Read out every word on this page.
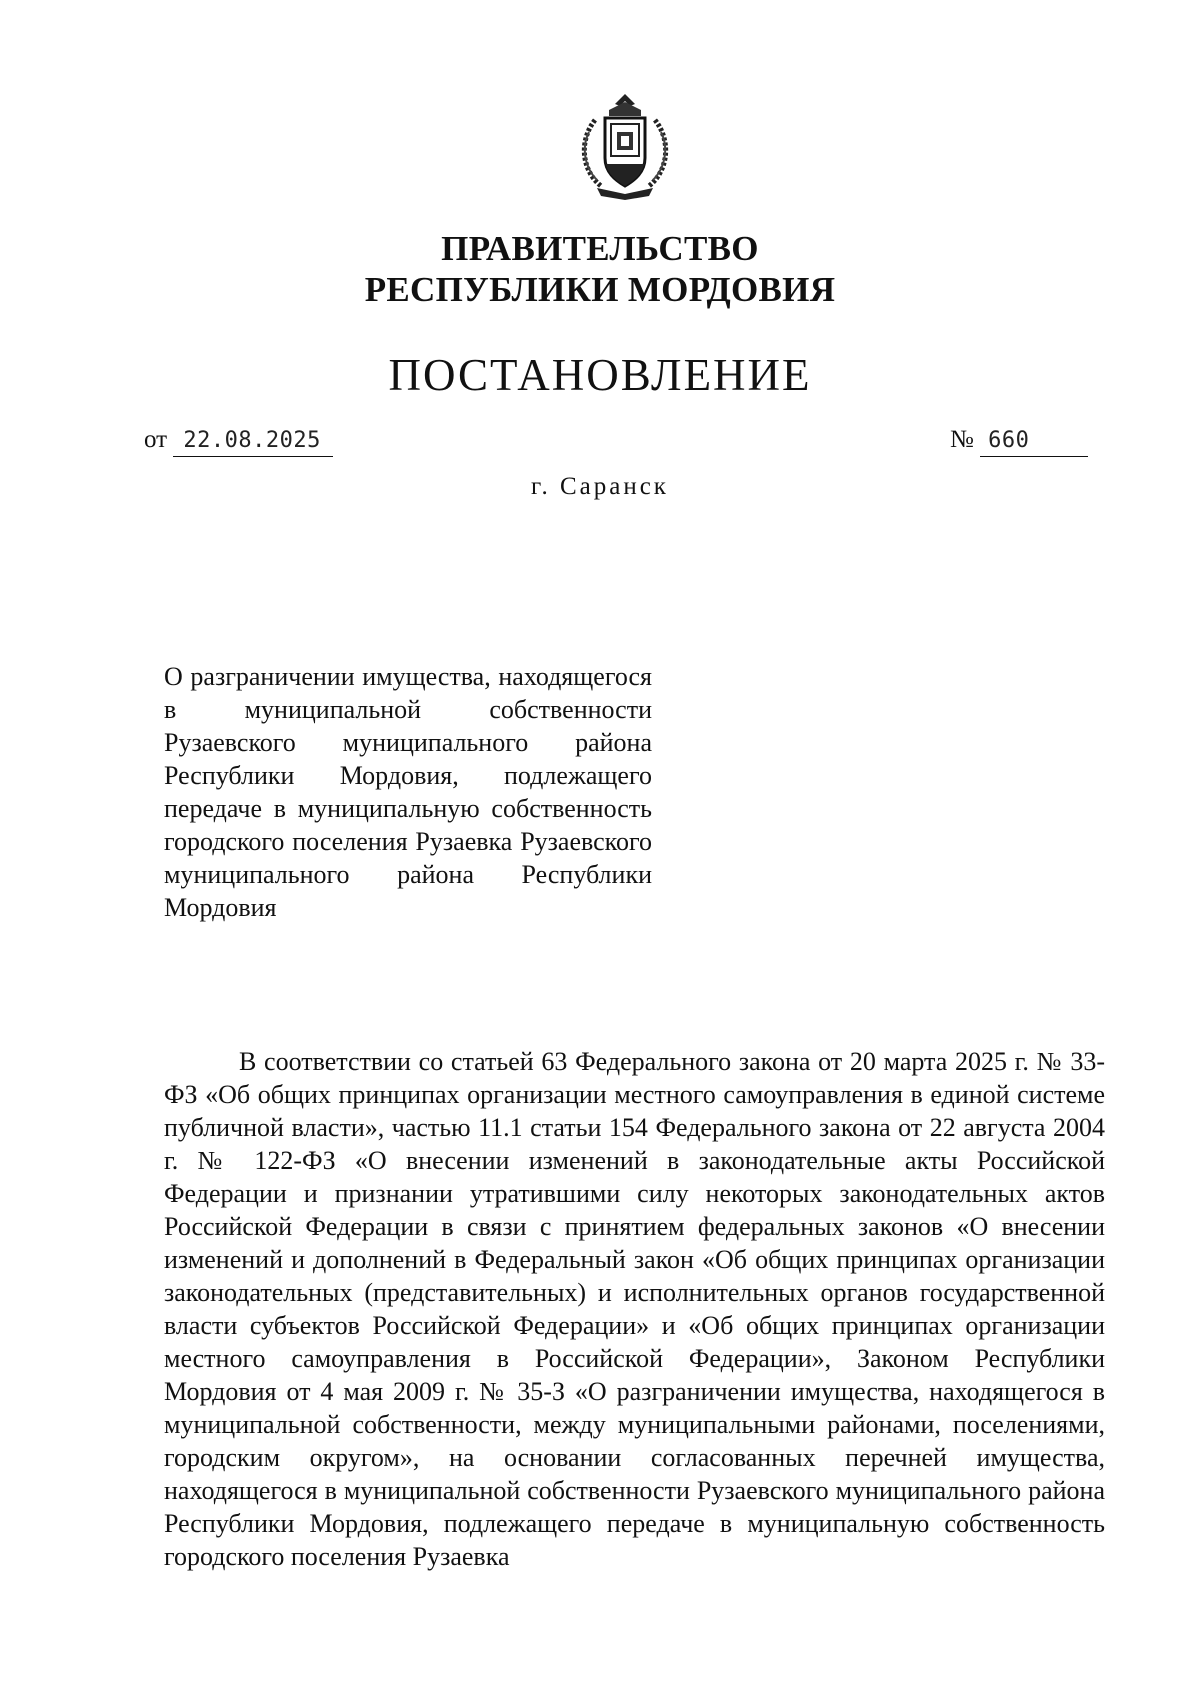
ПРАВИТЕЛЬСТВО
РЕСПУБЛИКИ МОРДОВИЯ
ПОСТАНОВЛЕНИЕ
от 22.08.2025	№ 660
г. Саранск
О разграничении имущества, находящегося в муниципальной собственности Рузаевского муниципального района Республики Мордовия, подлежащего передаче в муниципальную собственность городского поселения Рузаевка Рузаевского муниципального района Республики Мордовия
В соответствии со статьей 63 Федерального закона от 20 марта 2025 г. № 33-ФЗ «Об общих принципах организации местного самоуправления в единой системе публичной власти», частью 11.1 статьи 154 Федерального закона от 22 августа 2004 г. № 122-ФЗ «О внесении изменений в законодательные акты Российской Федерации и признании утратившими силу некоторых законодательных актов Российской Федерации в связи с принятием федеральных законов «О внесении изменений и дополнений в Федеральный закон «Об общих принципах организации законодательных (представительных) и исполнительных органов государственной власти субъектов Российской Федерации» и «Об общих принципах организации местного самоуправления в Российской Федерации», Законом Республики Мордовия от 4 мая 2009 г. № 35-З «О разграничении имущества, находящегося в муниципальной собственности, между муниципальными районами, поселениями, городским округом», на основании согласованных перечней имущества, находящегося в муниципальной собственности Рузаевского муниципального района Республики Мордовия, подлежащего передаче в муниципальную собственность городского поселения Рузаевка
